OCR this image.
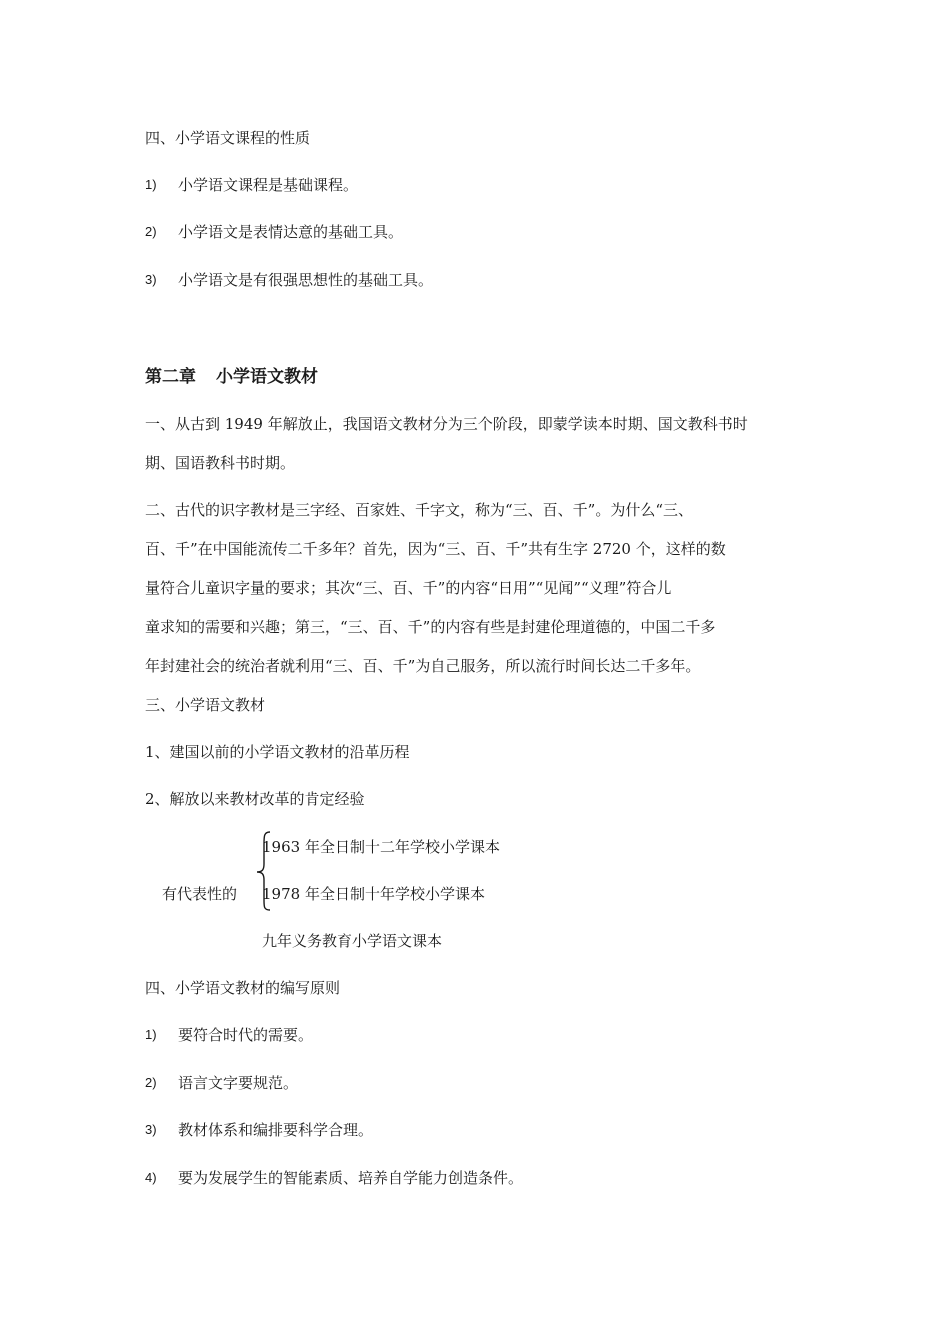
四、小学语文课程的性质
1) 小学语文课程是基础课程。
2) 小学语文是表情达意的基础工具。
3) 小学语文是有很强思想性的基础工具。
第二章 小学语文教材
一、从古到 1949 年解放止，我国语文教材分为三个阶段，即蒙学读本时期、国文教科书时
期、国语教科书时期。
二、古代的识字教材是三字经、百家姓、千字文，称为“三、百、千”。为什么“三、
百、千”在中国能流传二千多年？首先，因为“三、百、千”共有生字 2720 个，这样的数
量符合儿童识字量的要求；其次“三、百、千”的内容“日用”“见闻”“义理”符合儿
童求知的需要和兴趣；第三，“三、百、千”的内容有些是封建伦理道德的，中国二千多
年封建社会的统治者就利用“三、百、千”为自己服务，所以流行时间长达二千多年。
三、小学语文教材
1、建国以前的小学语文教材的沿革历程
2、解放以来教材改革的肯定经验
有代表性的
1963 年全日制十二年学校小学课本
1978 年全日制十年学校小学课本
九年义务教育小学语文课本
四、小学语文教材的编写原则
1) 要符合时代的需要。
2) 语言文字要规范。
3) 教材体系和编排要科学合理。
4) 要为发展学生的智能素质、培养自学能力创造条件。
